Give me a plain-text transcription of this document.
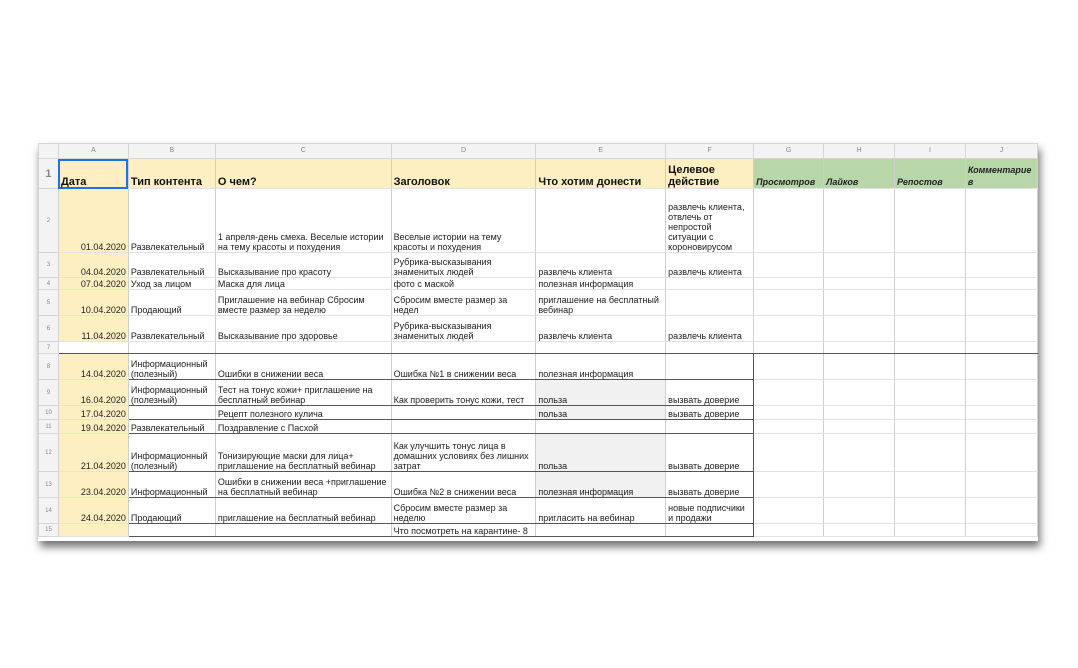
	A	B	C	D	E	F	G	H	I	J
1	Дата	Тип контента	О чем?	Заголовок	Что хотим донести	Целевое
действие	Просмотров	Лайков	Репостов	Комментарие
в
2	01.04.2020	Развлекательный	1 апреля-день смеха. Веселые истории
на тему красоты и похудения	Веселые истории на тему
красоты и похудения		развлечь клиента,
отвлечь от
непростой
ситуации с
короновирусом				
3	04.04.2020	Развлекательный	Высказывание про красоту	Рубрика-высказывания
знаменитых людей	развлечь клиента	развлечь клиента				
4	07.04.2020	Уход за лицом	Маска для лица	фото с маской	полезная информация					
5	10.04.2020	Продающий	Приглашение на вебинар Сбросим
вместе размер за неделю	Сбросим вместе размер за недел	приглашение на бесплатный
вебинар					
6	11.04.2020	Развлекательный	Высказывание про здоровье	Рубрика-высказывания
знаменитых людей	развлечь клиента	развлечь клиента				
7										
8	14.04.2020	Информационный
(полезный)	Ошибки в снижении веса	Ошибка №1 в снижении веса	полезная информация					
9	16.04.2020	Информационный
(полезный)	Тест на тонус кожи+ приглашение на
бесплатный вебинар	Как проверить тонус кожи, тест	польза	вызвать доверие				
10	17.04.2020		Рецепт полезного кулича		польза	вызвать доверие				
11	19.04.2020	Развлекательный	Поздравление с Пасхой							
12	21.04.2020	Информационный
(полезный)	Тонизирующие маски для лица+
приглашение на бесплатный вебинар	Как улучшить тонус лица в
домашних условиях без лишних
затрат	польза	вызвать доверие				
13	23.04.2020	Информационный	Ошибки в снижении веса +приглашение
на бесплатный вебинар	Ошибка №2 в снижении веса	полезная информация	вызвать доверие				
14	24.04.2020	Продающий	приглашение на бесплатный вебинар	Сбросим вместе размер за
неделю	пригласить на вебинар	новые подписчики
и продажи				
15				Что посмотреть на карантине- 8						
